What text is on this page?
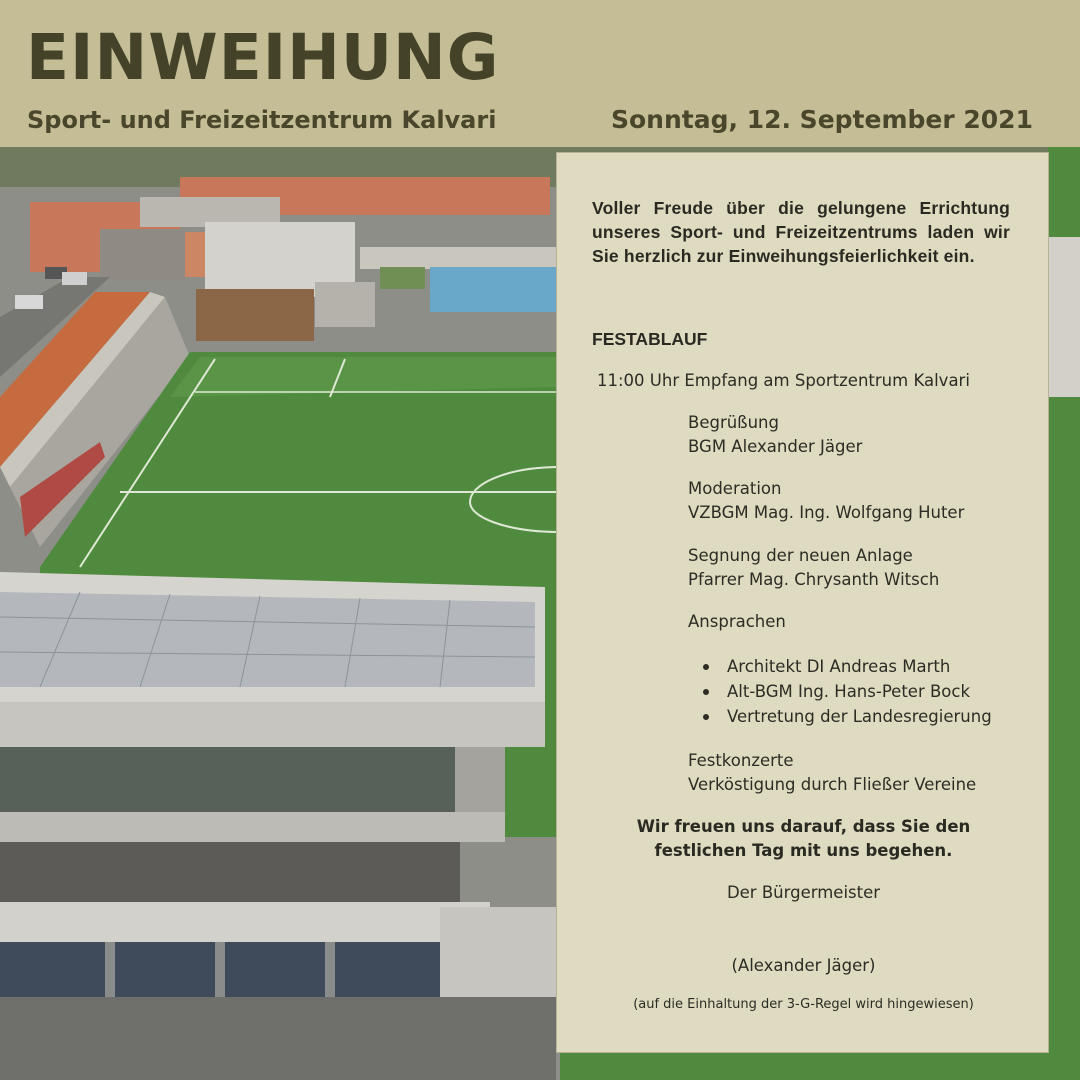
EINWEIHUNG
Sport- und Freizeitzentrum Kalvari	Sonntag, 12. September 2021
Voller Freude über die gelungene Errichtung unseres Sport- und Freizeitzentrums laden wir Sie herzlich zur Einweihungsfeierlichkeit ein.
FESTABLAUF
11:00 Uhr Empfang am Sportzentrum Kalvari
Begrüßung
BGM Alexander Jäger
Moderation
VZBGM Mag. Ing. Wolfgang Huter
Segnung der neuen Anlage
Pfarrer Mag. Chrysanth Witsch
Ansprachen
Architekt DI Andreas Marth
Alt-BGM Ing. Hans-Peter Bock
Vertretung der Landesregierung
Festkonzerte
Verköstigung durch Fließer Vereine
Wir freuen uns darauf, dass Sie den
festlichen Tag mit uns begehen.
Der Bürgermeister
(Alexander Jäger)
(auf die Einhaltung der 3-G-Regel wird hingewiesen)
